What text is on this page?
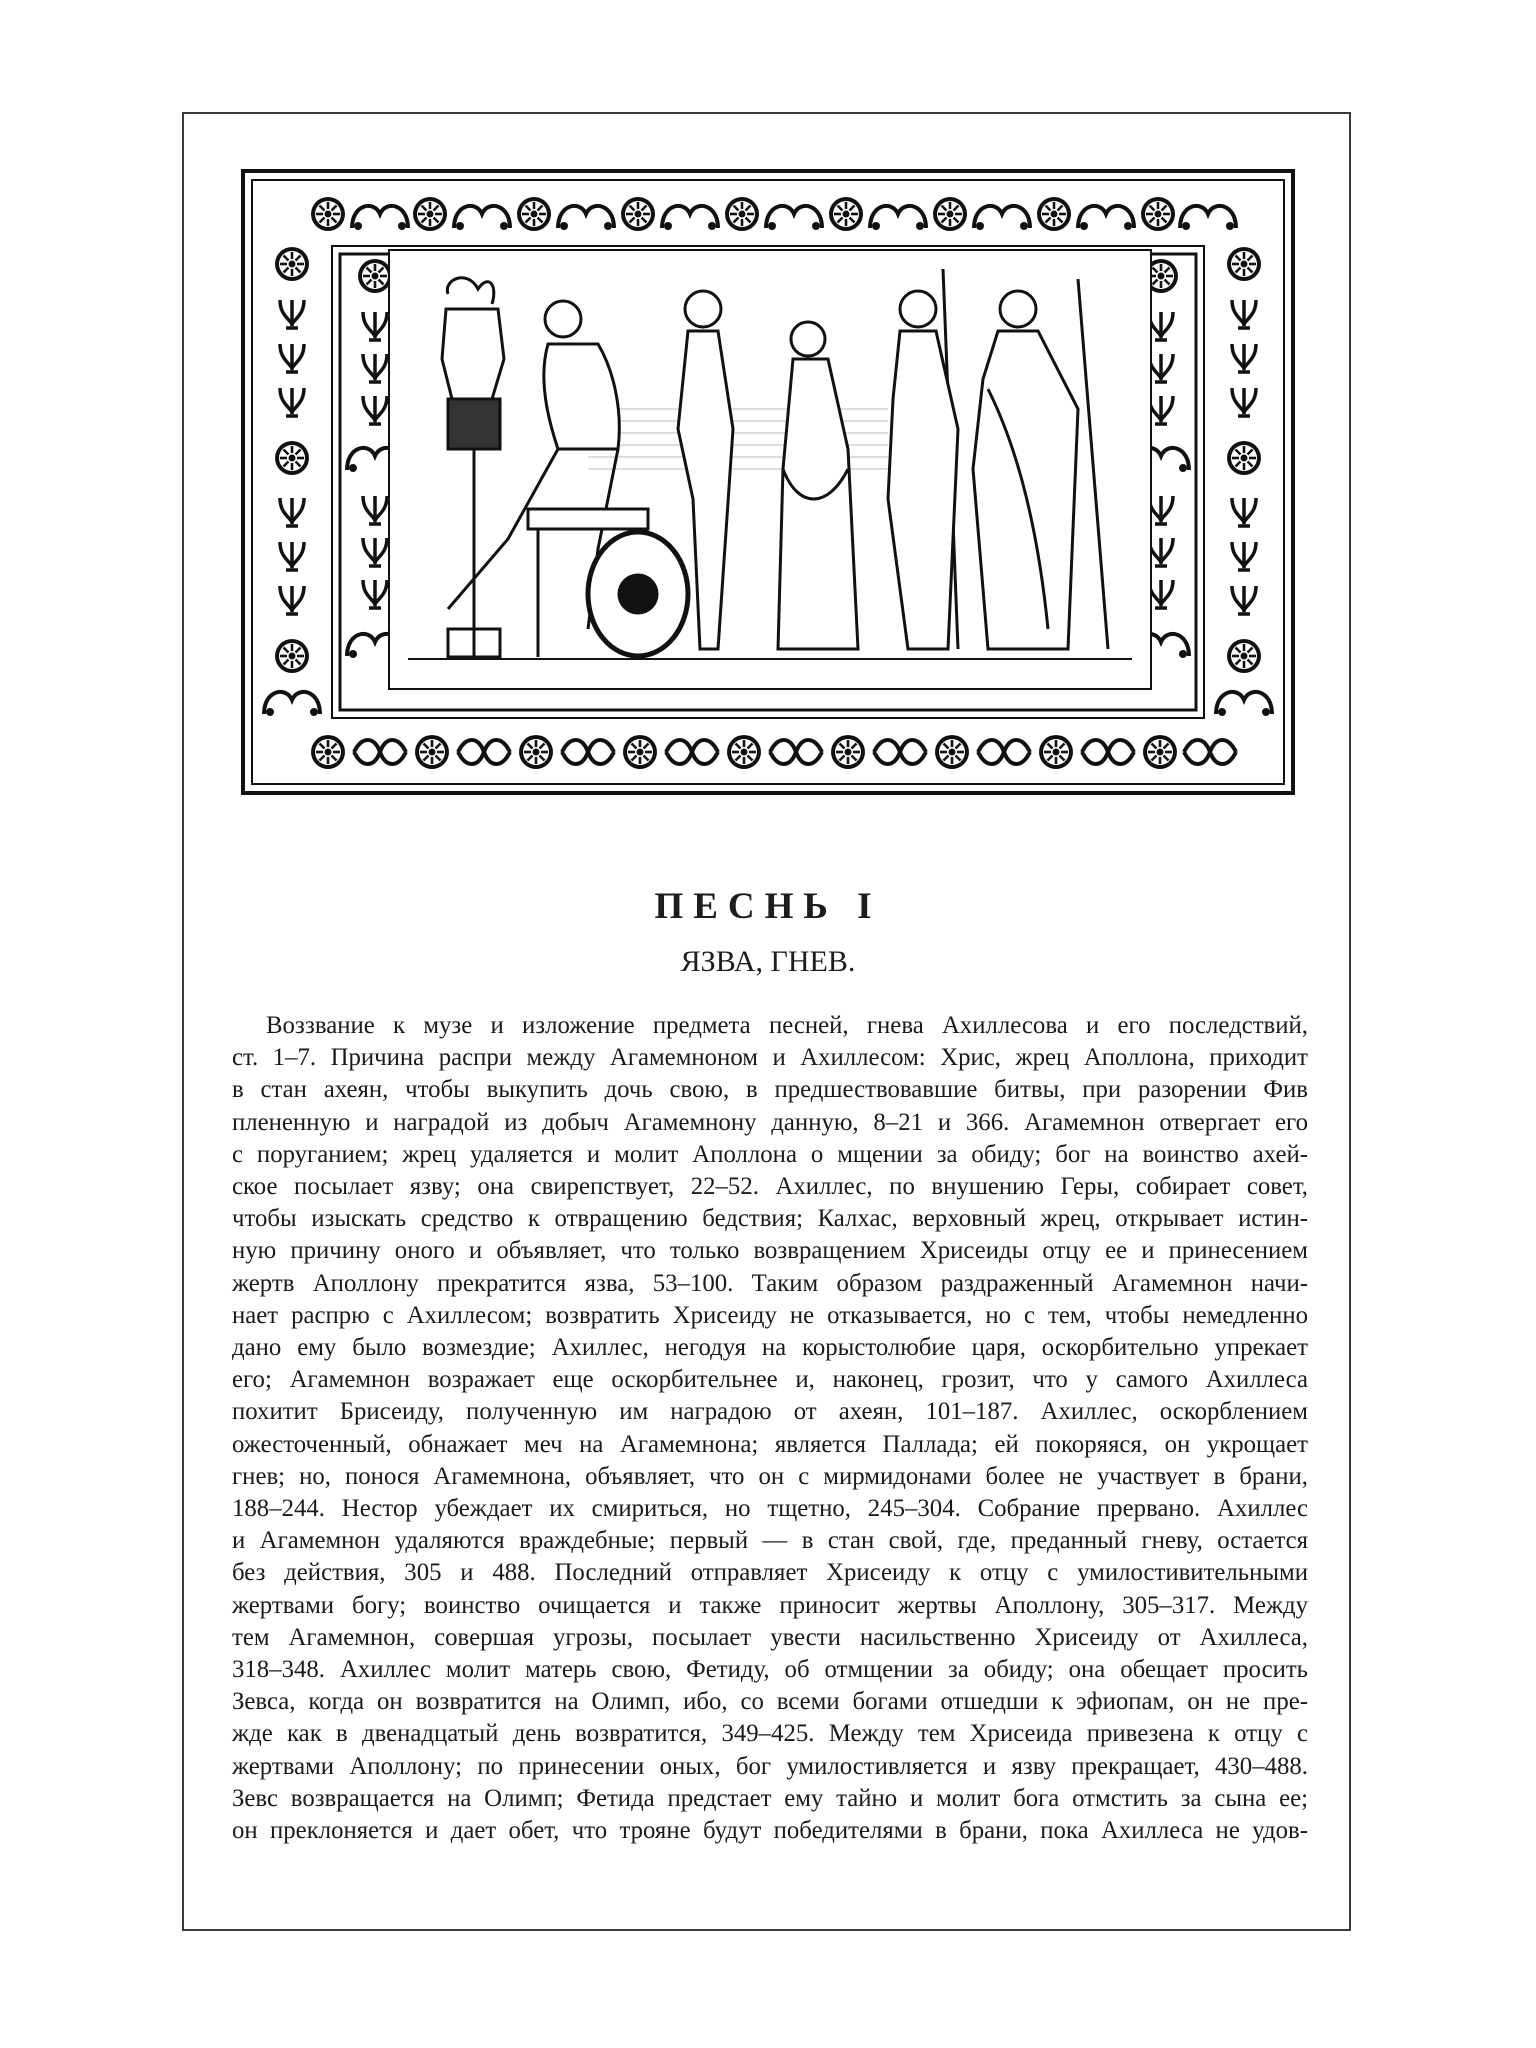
ПЕСНЬ I
ЯЗВА, ГНЕВ.

Воззвание к музе и изложение предмета песней, гнева Ахиллесова и его последствий,
ст. 1–7. Причина распри между Агамемноном и Ахиллесом: Хрис, жрец Аполлона, приходит
в стан ахеян, чтобы выкупить дочь свою, в предшествовавшие битвы, при разорении Фив
плененную и наградой из добыч Агамемнону данную, 8–21 и 366. Агамемнон отвергает его
с поруганием; жрец удаляется и молит Аполлона о мщении за обиду; бог на воинство ахей-
ское посылает язву; она свирепствует, 22–52. Ахиллес, по внушению Геры, собирает совет,
чтобы изыскать средство к отвращению бедствия; Калхас, верховный жрец, открывает истин-
ную причину оного и объявляет, что только возвращением Хрисеиды отцу ее и принесением
жертв Аполлону прекратится язва, 53–100. Таким образом раздраженный Агамемнон начи-
нает распрю с Ахиллесом; возвратить Хрисеиду не отказывается, но с тем, чтобы немедленно
дано ему было возмездие; Ахиллес, негодуя на корыстолюбие царя, оскорбительно упрекает
его; Агамемнон возражает еще оскорбительнее и, наконец, грозит, что у самого Ахиллеса
похитит Брисеиду, полученную им наградою от ахеян, 101–187. Ахиллес, оскорблением
ожесточенный, обнажает меч на Агамемнона; является Паллада; ей покоряяся, он укрощает
гнев; но, понося Агамемнона, объявляет, что он с мирмидонами более не участвует в брани,
188–244. Нестор убеждает их смириться, но тщетно, 245–304. Собрание прервано. Ахиллес
и Агамемнон удаляются враждебные; первый — в стан свой, где, преданный гневу, остается
без действия, 305 и 488. Последний отправляет Хрисеиду к отцу с умилостивительными
жертвами богу; воинство очищается и также приносит жертвы Аполлону, 305–317. Между
тем Агамемнон, совершая угрозы, посылает увести насильственно Хрисеиду от Ахиллеса,
318–348. Ахиллес молит матерь свою, Фетиду, об отмщении за обиду; она обещает просить
Зевса, когда он возвратится на Олимп, ибо, со всеми богами отшедши к эфиопам, он не пре-
жде как в двенадцатый день возвратится, 349–425. Между тем Хрисеида привезена к отцу с
жертвами Аполлону; по принесении оных, бог умилостивляется и язву прекращает, 430–488.
Зевс возвращается на Олимп; Фетида предстает ему тайно и молит бога отмстить за сына ее;
он преклоняется и дает обет, что трояне будут победителями в брани, пока Ахиллеса не удов-
